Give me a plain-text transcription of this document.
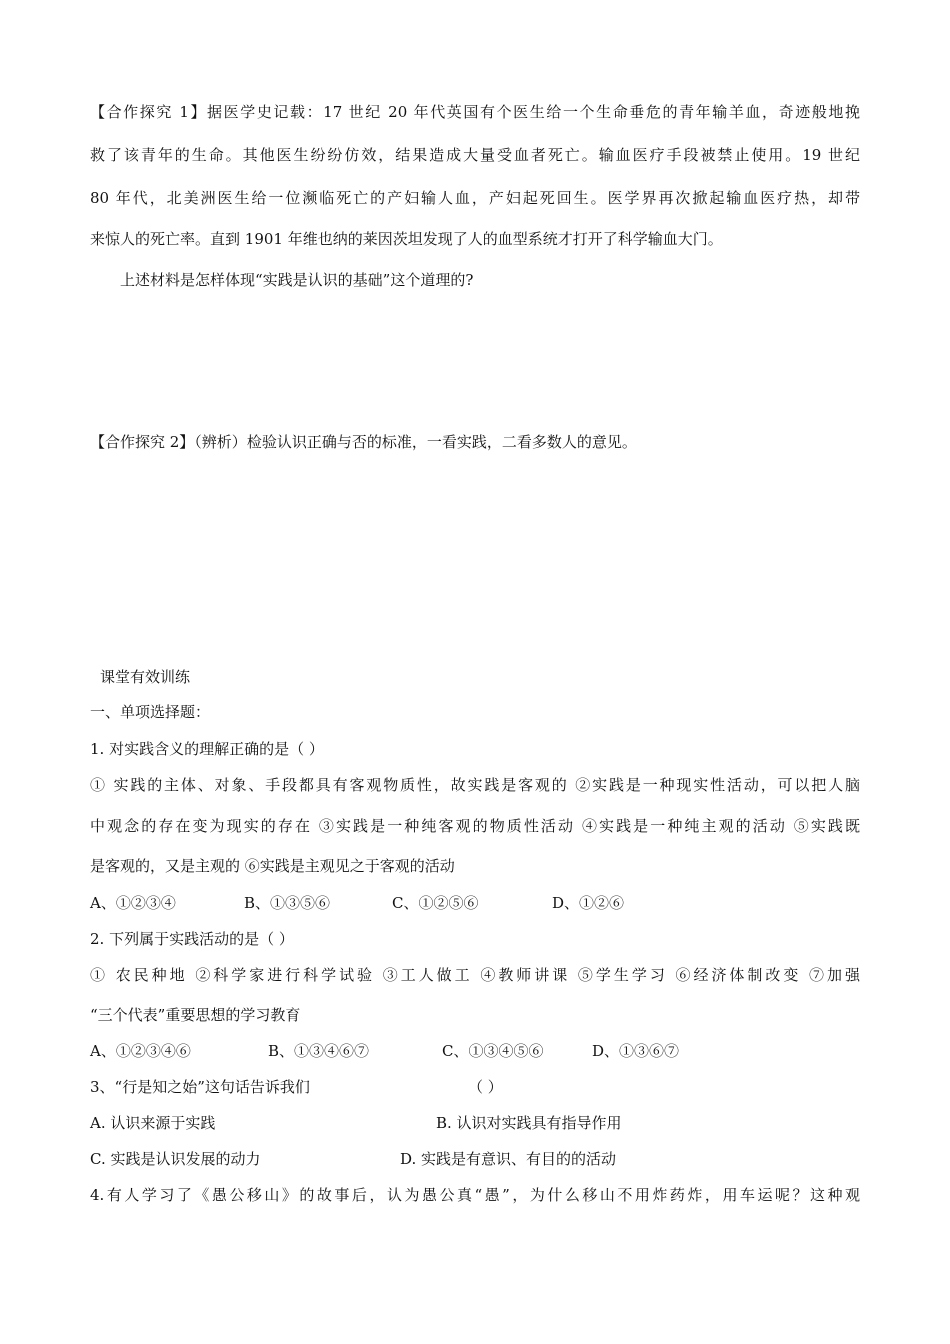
【合作探究 1】据医学史记载：17 世纪 20 年代英国有个医生给一个生命垂危的青年输羊血，奇迹般地挽
救了该青年的生命。其他医生纷纷仿效，结果造成大量受血者死亡。输血医疗手段被禁止使用。19 世纪
80 年代，北美洲医生给一位濒临死亡的产妇输人血，产妇起死回生。医学界再次掀起输血医疗热，却带
来惊人的死亡率。直到 1901 年维也纳的莱因茨坦发现了人的血型系统才打开了科学输血大门。
上述材料是怎样体现“实践是认识的基础”这个道理的?
【合作探究 2】（辨析）检验认识正确与否的标准，一看实践，二看多数人的意见。
课堂有效训练
一、单项选择题：
1. 对实践含义的理解正确的是（ ）
① 实践的主体、对象、手段都具有客观物质性，故实践是客观的 ②实践是一种现实性活动，可以把人脑
中观念的存在变为现实的存在 ③实践是一种纯客观的物质性活动 ④实践是一种纯主观的活动 ⑤实践既
是客观的，又是主观的 ⑥实践是主观见之于客观的活动
A、①②③④	B、①③⑤⑥	C、①②⑤⑥	D、①②⑥
2. 下列属于实践活动的是（ ）
① 农民种地 ②科学家进行科学试验 ③工人做工 ④教师讲课 ⑤学生学习 ⑥经济体制改变 ⑦加强
“三个代表”重要思想的学习教育
A、①②③④⑥	B、①③④⑥⑦	C、①③④⑤⑥	D、①③⑥⑦
3、“行是知之始”这句话告诉我们	（ ）
A. 认识来源于实践	B. 认识对实践具有指导作用
C. 实践是认识发展的动力	D. 实践是有意识、有目的的活动
4.有人学习了《愚公移山》的故事后，认为愚公真“愚”，为什么移山不用炸药炸，用车运呢？这种观
